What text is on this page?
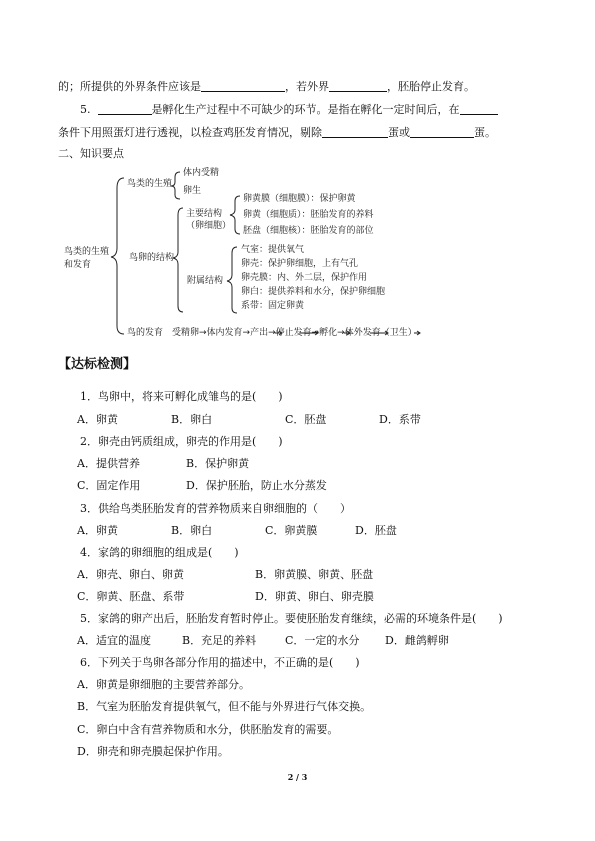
的；所提供的外界条件应该是	，若外界	，胚胎停止发育。
5.	是孵化生产过程中不可缺少的环节。是指在孵化一定时间后，在
条件下用照蛋灯进行透视，以检查鸡胚发育情况，剔除	蛋或	蛋。
二、知识要点
鸟类的生殖和发育
鸟类的生殖
体内受精
卵生
鸟卵的结构
主要结构（卵细胞）
卵黄膜（细胞膜）：保护卵黄
卵黄（细胞质）：胚胎发育的养料
胚盘（细胞核）：胚胎发育的部位
附属结构
气室：提供氧气
卵壳：保护卵细胞，上有气孔
卵壳膜：内、外二层，保护作用
卵白：提供养料和水分，保护卵细胞
系带：固定卵黄
鸟的发育 受精卵→体内发育→产出→停止发育→孵化→体外发育（卫生）
【达标检测】
1．鸟卵中，将来可孵化成雏鸟的是(　　)
A．卵黄	B．卵白	C．胚盘	D．系带
2．卵壳由钙质组成，卵壳的作用是(　　)
A．提供营养	B．保护卵黄
C．固定作用	D．保护胚胎，防止水分蒸发
3．供给鸟类胚胎发育的营养物质来自卵细胞的（　　）
A．卵黄	B．卵白	C．卵黄膜	D．胚盘
4．家鸽的卵细胞的组成是(　　)
A．卵壳、卵白、卵黄	B．卵黄膜、卵黄、胚盘
C．卵黄、胚盘、系带	D．卵黄、卵白、卵壳膜
5．家鸽的卵产出后，胚胎发育暂时停止。要使胚胎发育继续，必需的环境条件是(　　)
A．适宜的温度	B．充足的养料	C．一定的水分 D．雌鸽孵卵
6．下列关于鸟卵各部分作用的描述中，不正确的是(　　)
A．卵黄是卵细胞的主要营养部分。
B．气室为胚胎发育提供氧气，但不能与外界进行气体交换。
C．卵白中含有营养物质和水分，供胚胎发育的需要。
D．卵壳和卵壳膜起保护作用。
2 / 3
